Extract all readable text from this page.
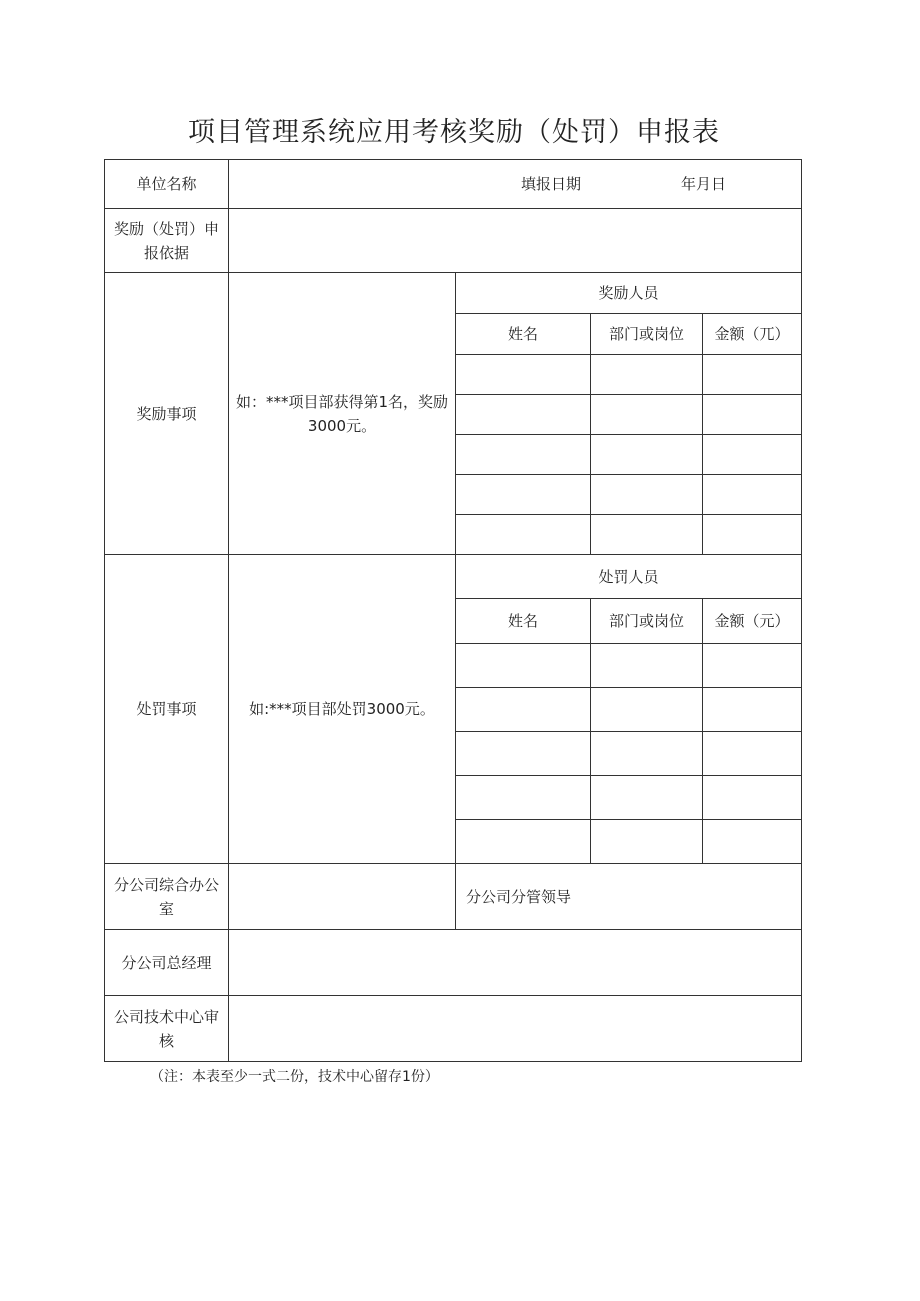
项目管理系统应用考核奖励（处罚）申报表
单位名称	填报日期 年月日			

奖励（处罚）申报依据				
奖励事项	如：***项目部获得第1名，奖励3000元。	奖励人员		
		姓名	部门或岗位	金额（兀）

处罚事项	如:***项目部处罚3000元。	处罚人员		
		姓名	部门或岗位	金额（元）

分公司综合办公室		分公司分管领导		
分公司总经理				
公司技术中心审核				
（注：本表至少一式二份，技术中心留存1份）
